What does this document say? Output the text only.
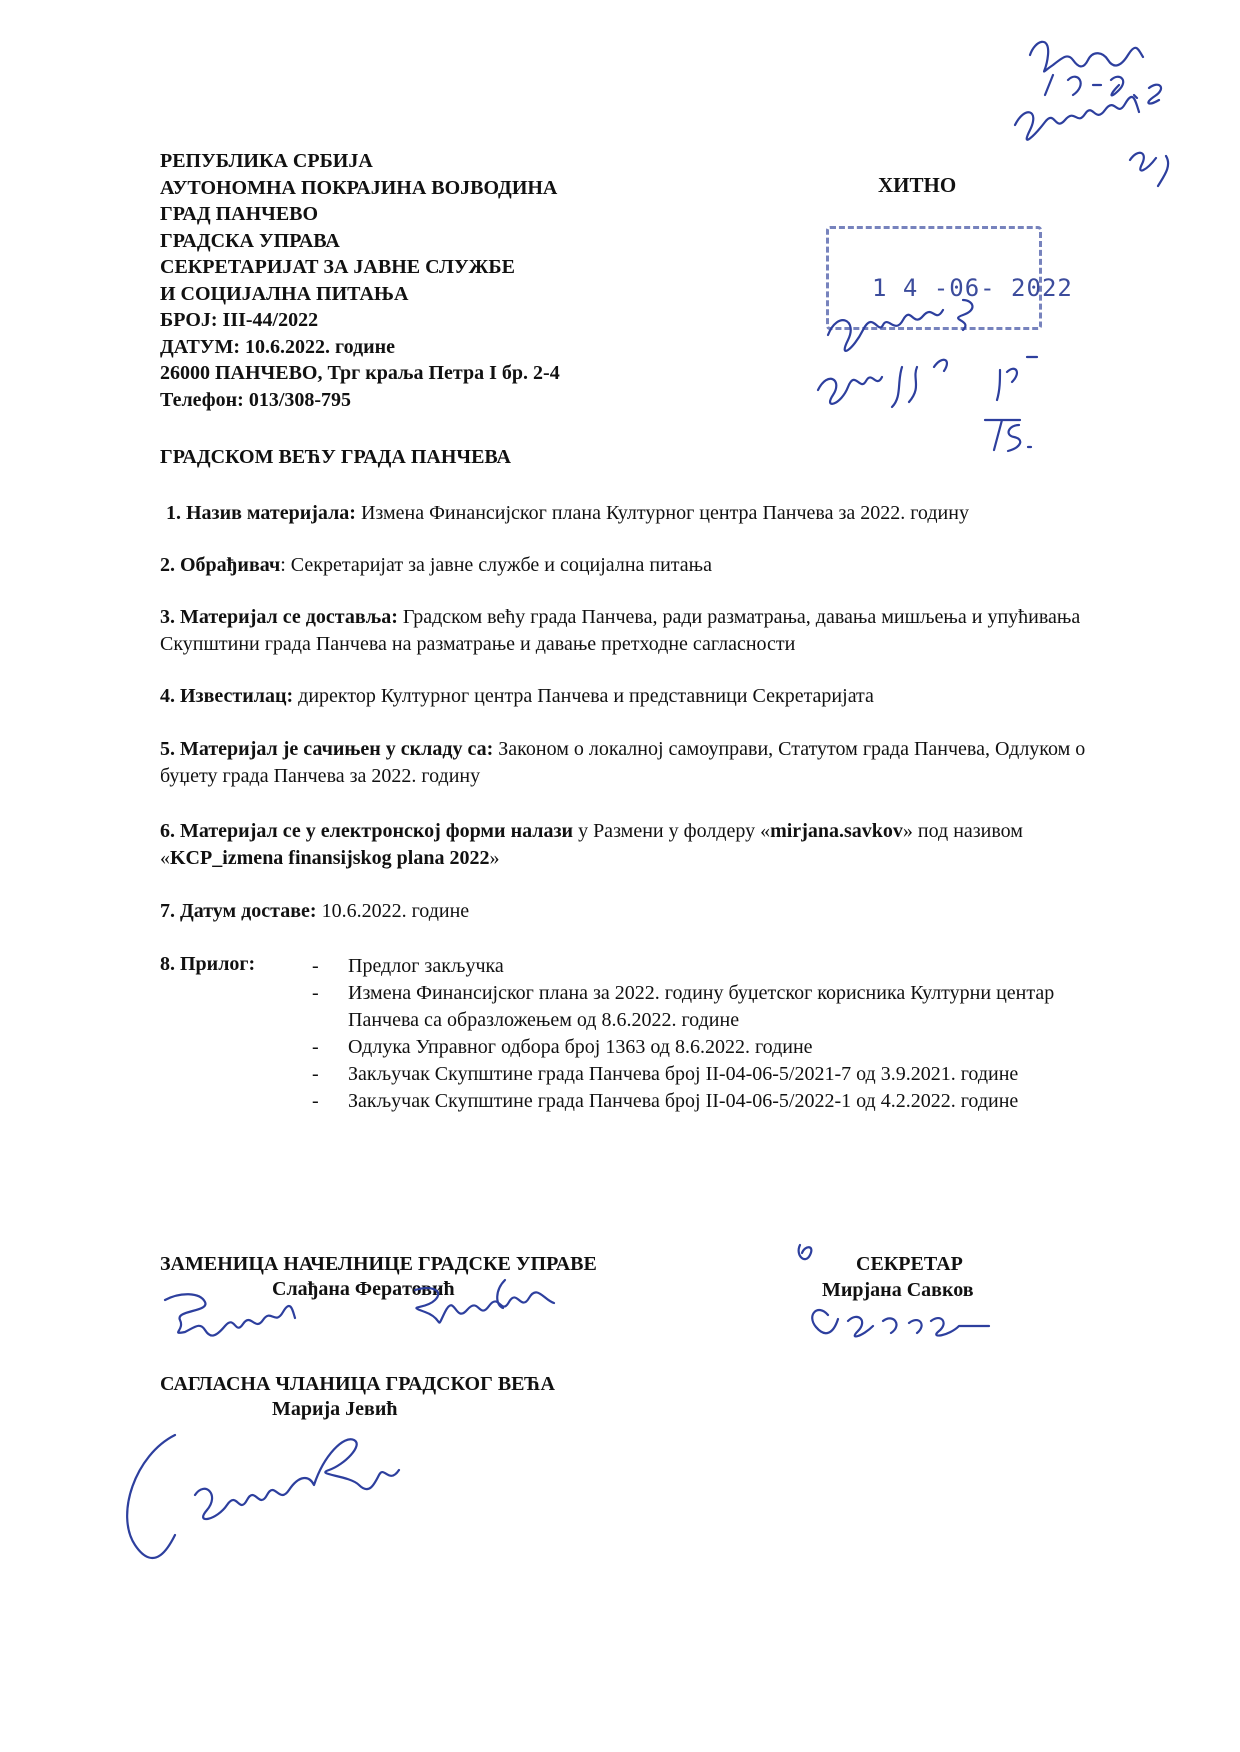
РЕПУБЛИКА СРБИЈА
АУТОНОМНА ПОКРАЈИНА ВОЈВОДИНА
ГРАД ПАНЧЕВО
ГРАДСКА УПРАВА
СЕКРЕТАРИЈАТ ЗА ЈАВНЕ СЛУЖБЕ
И СОЦИЈАЛНА ПИТАЊА
БРОЈ: III-44/2022
ДАТУМ: 10.6.2022. године
26000 ПАНЧЕВО, Трг краља Петра I бр. 2-4
Телефон: 013/308-795
ХИТНО
1 4 -06- 2022
ГРАДСКОМ ВЕЋУ ГРАДА ПАНЧЕВА
1. Назив материјала: Измена Финансијског плана Културног центра Панчева за 2022. годину
2. Обрађивач: Секретаријат за јавне службе и социјална питања
3. Материјал се доставља: Градском већу града Панчева, ради разматрања, давања мишљења и упућивања Скупштини града Панчева на разматрање и давање претходне сагласности
4. Известилац: директор Културног центра Панчева и представници Секретаријата
5. Материјал је сачињен у складу са: Законом о локалној самоуправи, Статутом града Панчева, Одлуком о буџету града Панчева за 2022. годину
6. Материјал се у електронској форми налази у Размени у фолдеру «mirjana.savkov» под називом «KCP_izmena finansijskog plana 2022»
7. Датум доставе: 10.6.2022. године
8. Прилог:	-	Предлог закључка
-	Измена Финансијског плана за 2022. годину буџетског корисника Културни центар Панчева са образложењем од 8.6.2022. године
-	Одлука Управног одбора број 1363 од 8.6.2022. године
-	Закључак Скупштине града Панчева број II-04-06-5/2021-7 од 3.9.2021. године
-	Закључак Скупштине града Панчева број II-04-06-5/2022-1 од 4.2.2022. године
ЗАМЕНИЦА НАЧЕЛНИЦЕ ГРАДСКЕ УПРАВЕ
Слађана Ферaтовић
СЕКРЕТАР
Мирјана Савков
САГЛАСНА ЧЛАНИЦА ГРАДСКОГ ВЕЋА
Марија Јевић
